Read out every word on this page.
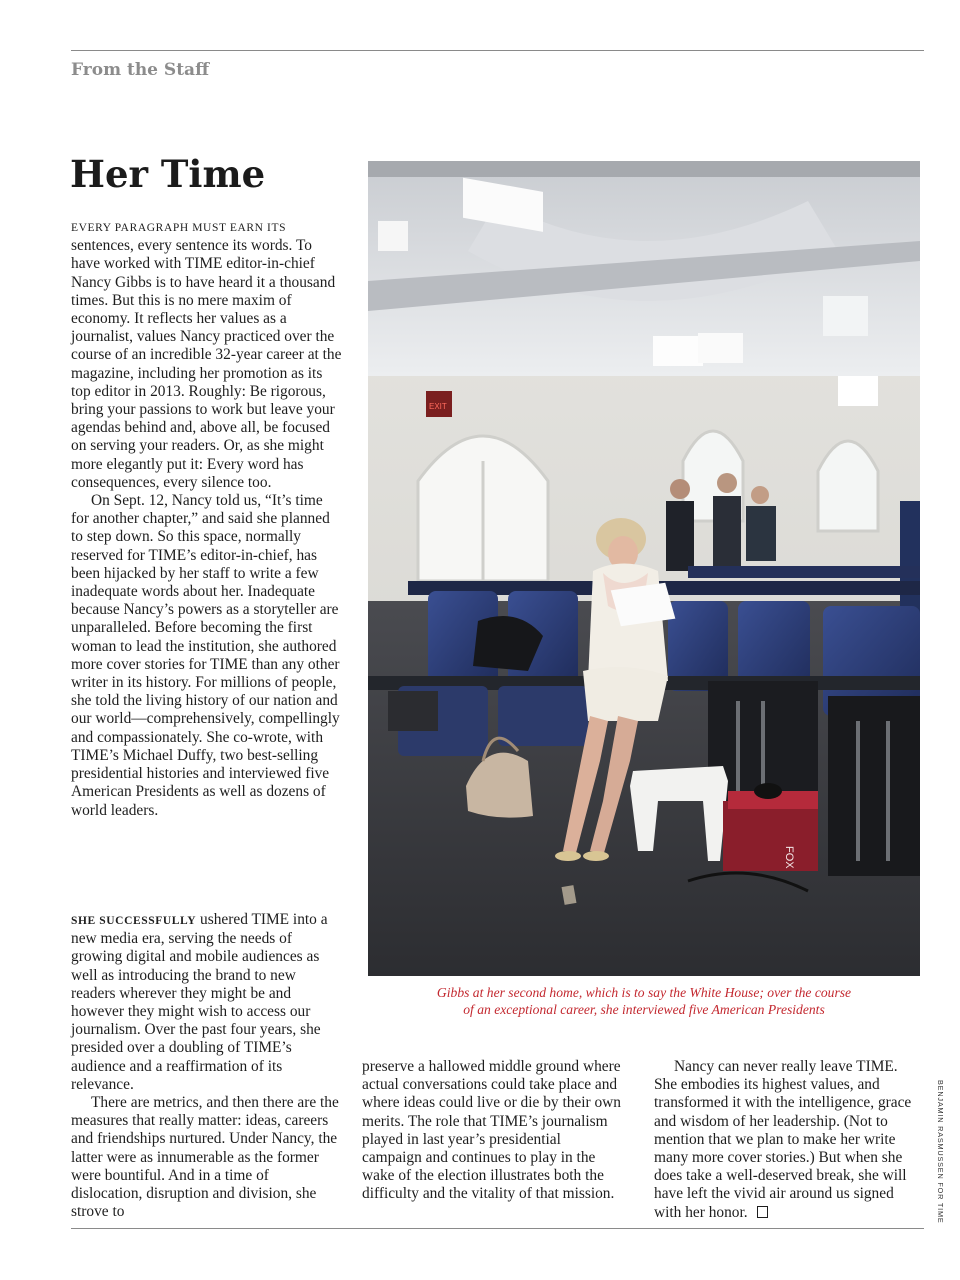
From the Staff
Her Time

EVERY PARAGRAPH MUST EARN ITS sentences, every sentence its words. To have worked with TIME editor-in-chief Nancy Gibbs is to have heard it a thousand times. But this is no mere maxim of economy. It reflects her values as a journalist, values Nancy practiced over the course of an incredible 32-year career at the magazine, including her promotion as its top editor in 2013. Roughly: Be rigorous, bring your passions to work but leave your agendas behind and, above all, be focused on serving your readers. Or, as she might more elegantly put it: Every word has consequences, every silence too.

On Sept. 12, Nancy told us, “It’s time for another chapter,” and said she planned to step down. So this space, normally reserved for TIME’s editor-in-chief, has been hijacked by her staff to write a few inadequate words about her. Inadequate because Nancy’s powers as a storyteller are unparalleled. Before becoming the first woman to lead the institution, she authored more cover stories for TIME than any other writer in its history. For millions of people, she told the living history of our nation and our world—comprehensively, compellingly and compassionately. She co-wrote, with TIME’s Michael Duffy, two best-selling presidential histories and interviewed five American Presidents as well as dozens of world leaders.

SHE SUCCESSFULLY ushered TIME into a new media era, serving the needs of growing digital and mobile audiences as well as introducing the brand to new readers wherever they might be and however they might wish to access our journalism. Over the past four years, she presided over a doubling of TIME’s audience and a reaffirmation of its relevance.

There are metrics, and then there are the measures that really matter: ideas, careers and friendships nurtured. Under Nancy, the latter were as innumerable as the former were bountiful. And in a time of dislocation, disruption and division, she strove to

preserve a hallowed middle ground where actual conversations could take place and where ideas could live or die by their own merits. The role that TIME’s journalism played in last year’s presidential campaign and continues to play in the wake of the election illustrates both the difficulty and the vitality of that mission.

Nancy can never really leave TIME. She embodies its highest values, and transformed it with the intelligence, grace and wisdom of her leadership. (Not to mention that we plan to make her write many more cover stories.) But when she does take a well-deserved break, she will have left the vivid air around us signed with her honor.

EXIT
FOX
Gibbs at her second home, which is to say the White House; over the course
of an exceptional career, she interviewed five American Presidents
BENJAMIN RASMUSSEN FOR TIME
